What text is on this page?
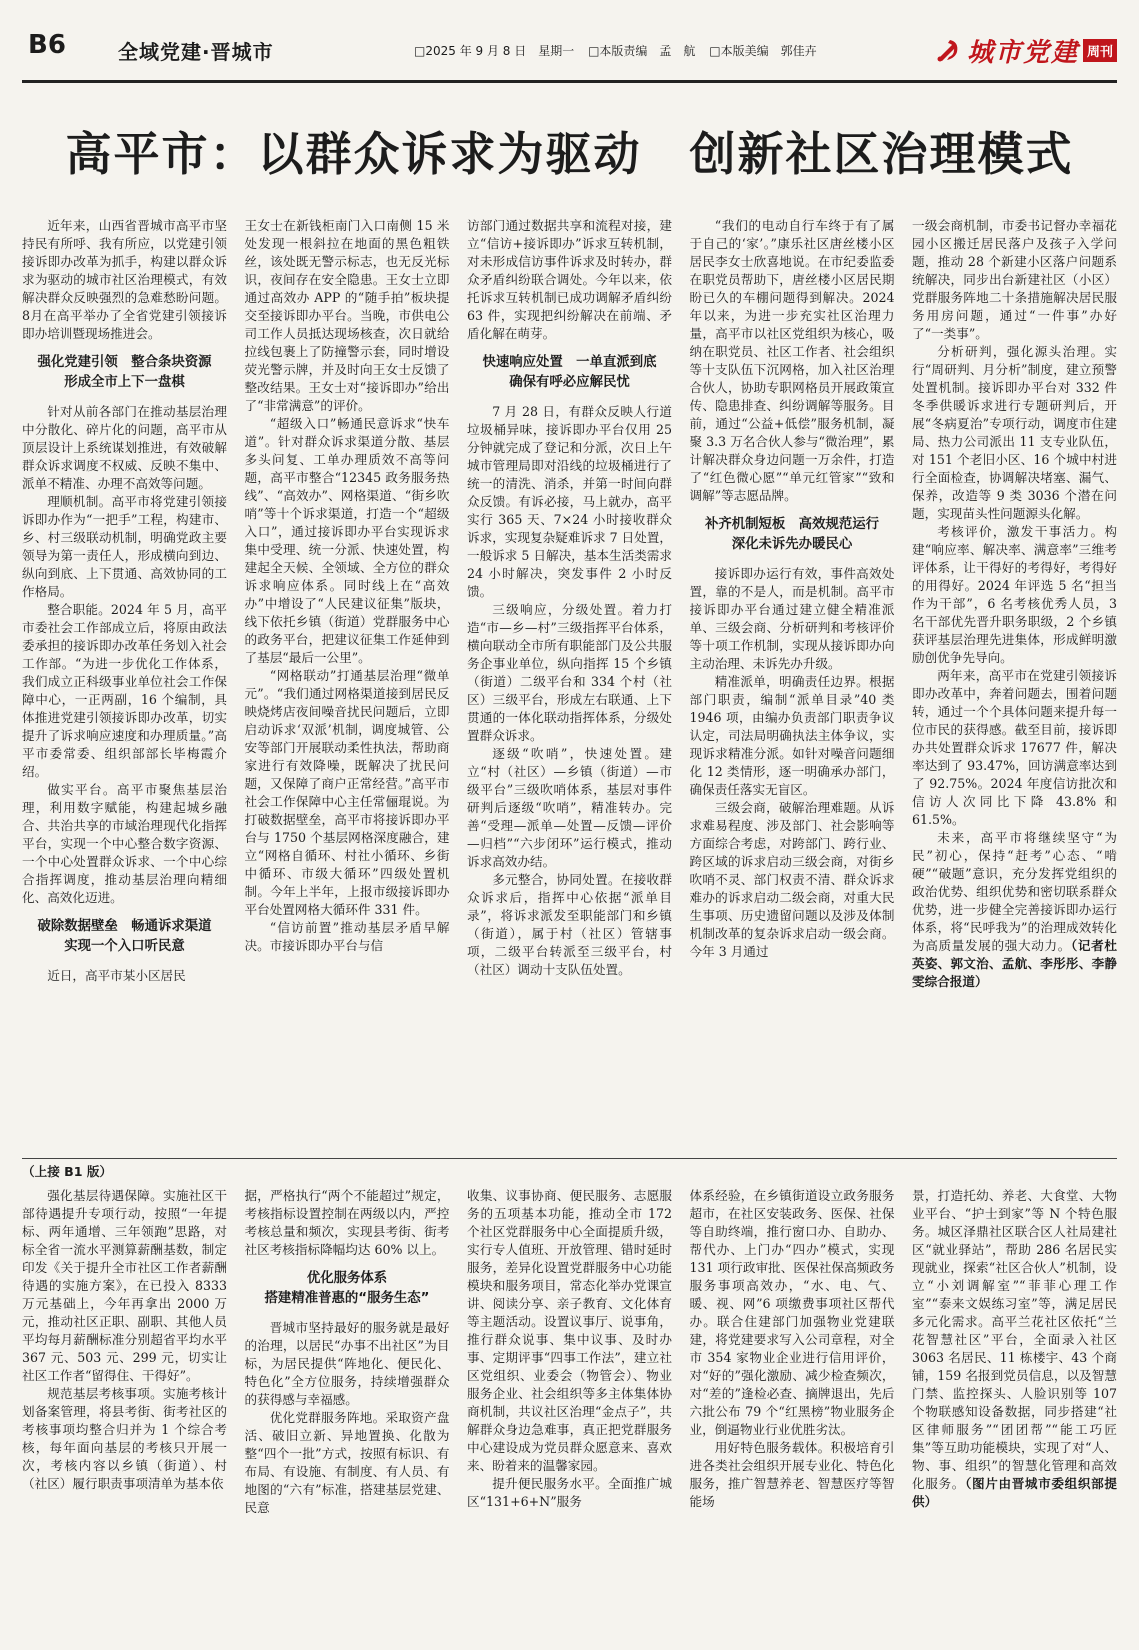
B6	全域党建·晋城市	□2025 年 9 月 8 日　星期一 □本版责编　孟　航 □本版美编　郭佳卉	城市党建 周刊
高平市：以群众诉求为驱动　创新社区治理模式

近年来，山西省晋城市高平市坚持民有所呼、我有所应，以党建引领接诉即办改革为抓手，构建以群众诉求为驱动的城市社区治理模式，有效解决群众反映强烈的急难愁盼问题。8月在高平举办了全省党建引领接诉即办培训暨现场推进会。

强化党建引领　整合条块资源
形成全市上下一盘棋

针对从前各部门在推动基层治理中分散化、碎片化的问题，高平市从顶层设计上系统谋划推进，有效破解群众诉求调度不权威、反映不集中、派单不精准、办理不高效等问题。

理顺机制。高平市将党建引领接诉即办作为“一把手”工程，构建市、乡、村三级联动机制，明确党政主要领导为第一责任人，形成横向到边、纵向到底、上下贯通、高效协同的工作格局。

整合职能。2024 年 5 月，高平市委社会工作部成立后，将原由政法委承担的接诉即办改革任务划入社会工作部。“为进一步优化工作体系，我们成立正科级事业单位社会工作保障中心，一正两副，16 个编制，具体推进党建引领接诉即办改革，切实提升了诉求响应速度和办理质量。”高平市委常委、组织部部长毕梅霞介绍。

做实平台。高平市聚焦基层治理，利用数字赋能，构建起城乡融合、共治共享的市域治理现代化指挥平台，实现一个中心整合数字资源、一个中心处置群众诉求、一个中心综合指挥调度，推动基层治理向精细化、高效化迈进。

破除数据壁垒　畅通诉求渠道
实现一个入口听民意

近日，高平市某小区居民

王女士在新钱柜南门入口南侧 15 米处发现一根斜拉在地面的黑色粗铁丝，该处既无警示标志，也无反光标识，夜间存在安全隐患。王女士立即通过高效办 APP 的“随手拍”板块提交至接诉即办平台。当晚，市供电公司工作人员抵达现场核查，次日就给拉线包裹上了防撞警示套，同时增设荧光警示牌，并及时向王女士反馈了整改结果。王女士对“接诉即办”给出了“非常满意”的评价。

“超级入口”畅通民意诉求“快车道”。针对群众诉求渠道分散、基层多头问复、工单办理质效不高等问题，高平市整合“12345 政务服务热线”、“高效办”、网格渠道、“街乡吹哨”等十个诉求渠道，打造一个“超级入口”，通过接诉即办平台实现诉求集中受理、统一分派、快速处置，构建起全天候、全领域、全方位的群众诉求响应体系。同时线上在“高效办”中增设了“人民建议征集”版块，线下依托乡镇（街道）党群服务中心的政务平台，把建议征集工作延伸到了基层“最后一公里”。

“网格联动”打通基层治理“微单元”。“我们通过网格渠道接到居民反映烧烤店夜间噪音扰民问题后，立即启动诉求‘双派’机制，调度城管、公安等部门开展联动柔性执法，帮助商家进行有效降噪，既解决了扰民问题，又保障了商户正常经营。”高平市社会工作保障中心主任常俪琨说。为打破数据壁垒，高平市将接诉即办平台与 1750 个基层网格深度融合，建立“网格自循环、村社小循环、乡街中循环、市级大循环”四级处置机制。今年上半年，上报市级接诉即办平台处置网格大循环件 331 件。

“信访前置”推动基层矛盾早解决。市接诉即办平台与信

访部门通过数据共享和流程对接，建立“信访+接诉即办”诉求互转机制，对未形成信访事件诉求及时转办，群众矛盾纠纷联合调处。今年以来，依托诉求互转机制已成功调解矛盾纠纷 63 件，实现把纠纷解决在前端、矛盾化解在萌芽。

快速响应处置　一单直派到底
确保有呼必应解民忧

7 月 28 日，有群众反映人行道垃圾桶异味，接诉即办平台仅用 25 分钟就完成了登记和分派，次日上午城市管理局即对沿线的垃圾桶进行了统一的清洗、消杀，并第一时间向群众反馈。有诉必接，马上就办，高平实行 365 天、7×24 小时接收群众诉求，实现复杂疑难诉求 7 日处置，一般诉求 5 日解决，基本生活类需求 24 小时解决，突发事件 2 小时反馈。

三级响应，分级处置。着力打造“市—乡—村”三级指挥平台体系，横向联动全市所有职能部门及公共服务企事业单位，纵向指挥 15 个乡镇（街道）二级平台和 334 个村（社区）三级平台，形成左右联通、上下贯通的一体化联动指挥体系，分级处置群众诉求。

逐级“吹哨”，快速处置。建立“村（社区）—乡镇（街道）—市级平台”三级吹哨体系，基层对事件研判后逐级“吹哨”，精准转办。完善“受理—派单—处置—反馈—评价—归档”“六步闭环”运行模式，推动诉求高效办结。

多元整合，协同处置。在接收群众诉求后，指挥中心依据“派单目录”，将诉求派发至职能部门和乡镇（街道），属于村（社区）管辖事项，二级平台转派至三级平台，村（社区）调动十支队伍处置。

“我们的电动自行车终于有了属于自己的‘家’。”康乐社区唐丝楼小区居民李女士欣喜地说。在市纪委监委在职党员帮助下，唐丝楼小区居民期盼已久的车棚问题得到解决。2024 年以来，为进一步充实社区治理力量，高平市以社区党组织为核心，吸纳在职党员、社区工作者、社会组织等十支队伍下沉网格，加入社区治理合伙人，协助专职网格员开展政策宣传、隐患排查、纠纷调解等服务。目前，通过“公益+低偿”服务机制，凝聚 3.3 万名合伙人参与“微治理”，累计解决群众身边问题一万余件，打造了“红色微心愿”“单元红管家”“致和调解”等志愿品牌。

补齐机制短板　高效规范运行
深化未诉先办暖民心

接诉即办运行有效，事件高效处置，靠的不是人，而是机制。高平市接诉即办平台通过建立健全精准派单、三级会商、分析研判和考核评价等十项工作机制，实现从接诉即办向主动治理、未诉先办升级。

精准派单，明确责任边界。根据部门职责，编制“派单目录”40 类 1946 项，由编办负责部门职责争议认定，司法局明确执法主体争议，实现诉求精准分派。如针对噪音问题细化 12 类情形，逐一明确承办部门，确保责任落实无盲区。

三级会商，破解治理难题。从诉求难易程度、涉及部门、社会影响等方面综合考虑，对跨部门、跨行业、跨区域的诉求启动三级会商，对街乡吹哨不灵、部门权责不清、群众诉求难办的诉求启动二级会商，对重大民生事项、历史遗留问题以及涉及体制机制改革的复杂诉求启动一级会商。今年 3 月通过

一级会商机制，市委书记督办幸福花园小区搬迁居民落户及孩子入学问题，推动 28 个新建小区落户问题系统解决，同步出台新建社区（小区）党群服务阵地二十条措施解决居民服务用房问题，通过“一件事”办好了“一类事”。

分析研判，强化源头治理。实行“周研判、月分析”制度，建立预警处置机制。接诉即办平台对 332 件冬季供暖诉求进行专题研判后，开展“冬病夏治”专项行动，调度市住建局、热力公司派出 11 支专业队伍，对 151 个老旧小区、16 个城中村进行全面检查，协调解决堵塞、漏气、保养，改造等 9 类 3036 个潜在问题，实现苗头性问题源头化解。

考核评价，激发干事活力。构建“响应率、解决率、满意率”三维考评体系，让干得好的考得好，考得好的用得好。2024 年评选 5 名“担当作为干部”，6 名考核优秀人员，3 名干部优先晋升职务职级，2 个乡镇获评基层治理先进集体，形成鲜明激励创优争先导向。

两年来，高平市在党建引领接诉即办改革中，奔着问题去，围着问题转，通过一个个具体问题来提升每一位市民的获得感。截至目前，接诉即办共处置群众诉求 17677 件，解决率达到了 93.47%，回访满意率达到了 92.75%。2024 年度信访批次和信访人次同比下降 43.8% 和 61.5%。

未来，高平市将继续坚守“为民”初心，保持“赶考”心态、“啃硬”“破题”意识，充分发挥党组织的政治优势、组织优势和密切联系群众优势，进一步健全完善接诉即办运行体系，将“民呼我为”的治理成效转化为高质量发展的强大动力。（记者杜英姿、郭文治、孟航、李彤彤、李静雯综合报道）

（上接 B1 版）

强化基层待遇保障。实施社区干部待遇提升专项行动，按照“一年提标、两年通增、三年领跑”思路，对标全省一流水平测算薪酬基数，制定印发《关于提升全市社区工作者薪酬待遇的实施方案》，在已投入 8333 万元基础上，今年再拿出 2000 万元，推动社区正职、副职、其他人员平均每月薪酬标准分别超省平均水平 367 元、503 元、299 元，切实让社区工作者“留得住、干得好”。

规范基层考核事项。实施考核计划备案管理，将县考街、街考社区的考核事项均整合归并为 1 个综合考核，每年面向基层的考核只开展一次，考核内容以乡镇（街道）、村（社区）履行职责事项清单为基本依

据，严格执行“两个不能超过”规定，考核指标设置控制在两级以内，严控考核总量和频次，实现县考街、街考社区考核指标降幅均达 60% 以上。

优化服务体系
搭建精准普惠的“服务生态”

晋城市坚持最好的服务就是最好的治理，以居民“办事不出社区”为目标，为居民提供“阵地化、便民化、特色化”全方位服务，持续增强群众的获得感与幸福感。

优化党群服务阵地。采取资产盘活、破旧立新、异地置换、化散为整“四个一批”方式，按照有标识、有布局、有设施、有制度、有人员、有地图的“六有”标准，搭建基层党建、民意

收集、议事协商、便民服务、志愿服务的五项基本功能，推动全市 172 个社区党群服务中心全面提质升级，实行专人值班、开放管理、错时延时服务，差异化设置党群服务中心功能模块和服务项目，常态化举办党课宣讲、阅读分享、亲子教育、文化体育等主题活动。设置议事厅、说事角，推行群众说事、集中议事、及时办事、定期评事“四事工作法”，建立社区党组织、业委会（物管会）、物业服务企业、社会组织等多主体集体协商机制，共议社区治理“金点子”，共解群众身边急难事，真正把党群服务中心建设成为党员群众愿意来、喜欢来、盼着来的温馨家园。

提升便民服务水平。全面推广城区“131+6+N”服务

体系经验，在乡镇街道设立政务服务超市，在社区安装政务、医保、社保等自助终端，推行窗口办、自助办、帮代办、上门办“四办”模式，实现 131 项行政审批、医保社保高频政务服务事项高效办，“水、电、气、暖、视、网”6 项缴费事项社区帮代办。联合住建部门加强物业党建联建，将党建要求写入公司章程，对全市 354 家物业企业进行信用评价，对“好的”强化激励、减少检查频次，对“差的”逢检必查、摘牌退出，先后六批公布 79 个“红黑榜”物业服务企业，倒逼物业行业优胜劣汰。

用好特色服务载体。积极培育引进各类社会组织开展专业化、特色化服务，推广智慧养老、智慧医疗等智能场

景，打造托幼、养老、大食堂、大物业平台、“护士到家”等 N 个特色服务。城区泽鼎社区联合区人社局建社区“就业驿站”，帮助 286 名居民实现就业，探索“社区合伙人”机制，设立“小刘调解室”“菲菲心理工作室”“泰来文娱练习室”等，满足居民多元化需求。高平兰花社区依托“兰花智慧社区”平台，全面录入社区 3063 名居民、11 栋楼宇、43 个商铺，159 名报到党员信息，以及智慧门禁、监控探头、人脸识别等 107 个物联感知设备数据，同步搭建“社区律师服务”“团团帮”“能工巧匠集”等互助功能模块，实现了对“人、物、事、组织”的智慧化管理和高效化服务。（图片由晋城市委组织部提供）
